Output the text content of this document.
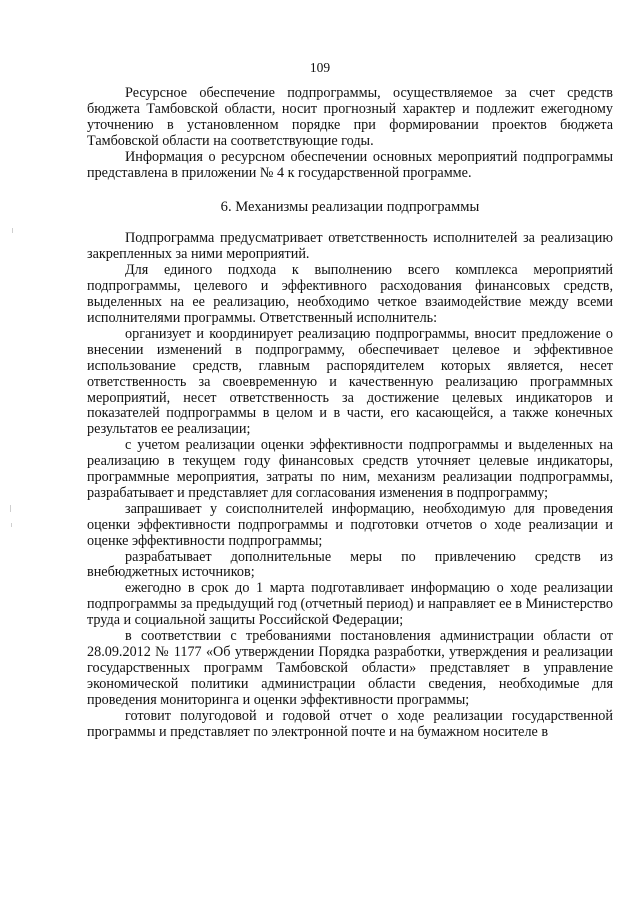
109

Ресурсное обеспечение подпрограммы, осуществляемое за счет средств бюджета Тамбовской области, носит прогнозный характер и подлежит ежегодному уточнению в установленном порядке при формировании проектов бюджета Тамбовской области на соответствующие годы.

Информация о ресурсном обеспечении основных мероприятий подпрограммы представлена в приложении № 4 к государственной программе.

6. Механизмы реализации подпрограммы

Подпрограмма предусматривает ответственность исполнителей за реализацию закрепленных за ними мероприятий.

Для единого подхода к выполнению всего комплекса мероприятий подпрограммы, целевого и эффективного расходования финансовых средств, выделенных на ее реализацию, необходимо четкое взаимодействие между всеми исполнителями программы. Ответственный исполнитель:

организует и координирует реализацию подпрограммы, вносит предложение о внесении изменений в подпрограмму, обеспечивает целевое и эффективное использование средств, главным распорядителем которых является, несет ответственность за своевременную и качественную реализацию программных мероприятий, несет ответственность за достижение целевых индикаторов и показателей подпрограммы в целом и в части, его касающейся, а также конечных результатов ее реализации;

с учетом реализации оценки эффективности подпрограммы и выделенных на реализацию в текущем году финансовых средств уточняет целевые индикаторы, программные мероприятия, затраты по ним, механизм реализации подпрограммы, разрабатывает и представляет для согласования изменения в подпрограмму;

запрашивает у соисполнителей информацию, необходимую для проведения оценки эффективности подпрограммы и подготовки отчетов о ходе реализации и оценке эффективности подпрограммы;

разрабатывает дополнительные меры по привлечению средств из внебюджетных источников;

ежегодно в срок до 1 марта подготавливает информацию о ходе реализации подпрограммы за предыдущий год (отчетный период) и направляет ее в Министерство труда и социальной защиты Российской Федерации;

в соответствии с требованиями постановления администрации области от 28.09.2012 № 1177 «Об утверждении Порядка разработки, утверждения и реализации государственных программ Тамбовской области» представляет в управление экономической политики администрации области сведения, необходимые для проведения мониторинга и оценки эффективности программы;

готовит полугодовой и годовой отчет о ходе реализации государственной программы и представляет по электронной почте и на бумажном носителе в
